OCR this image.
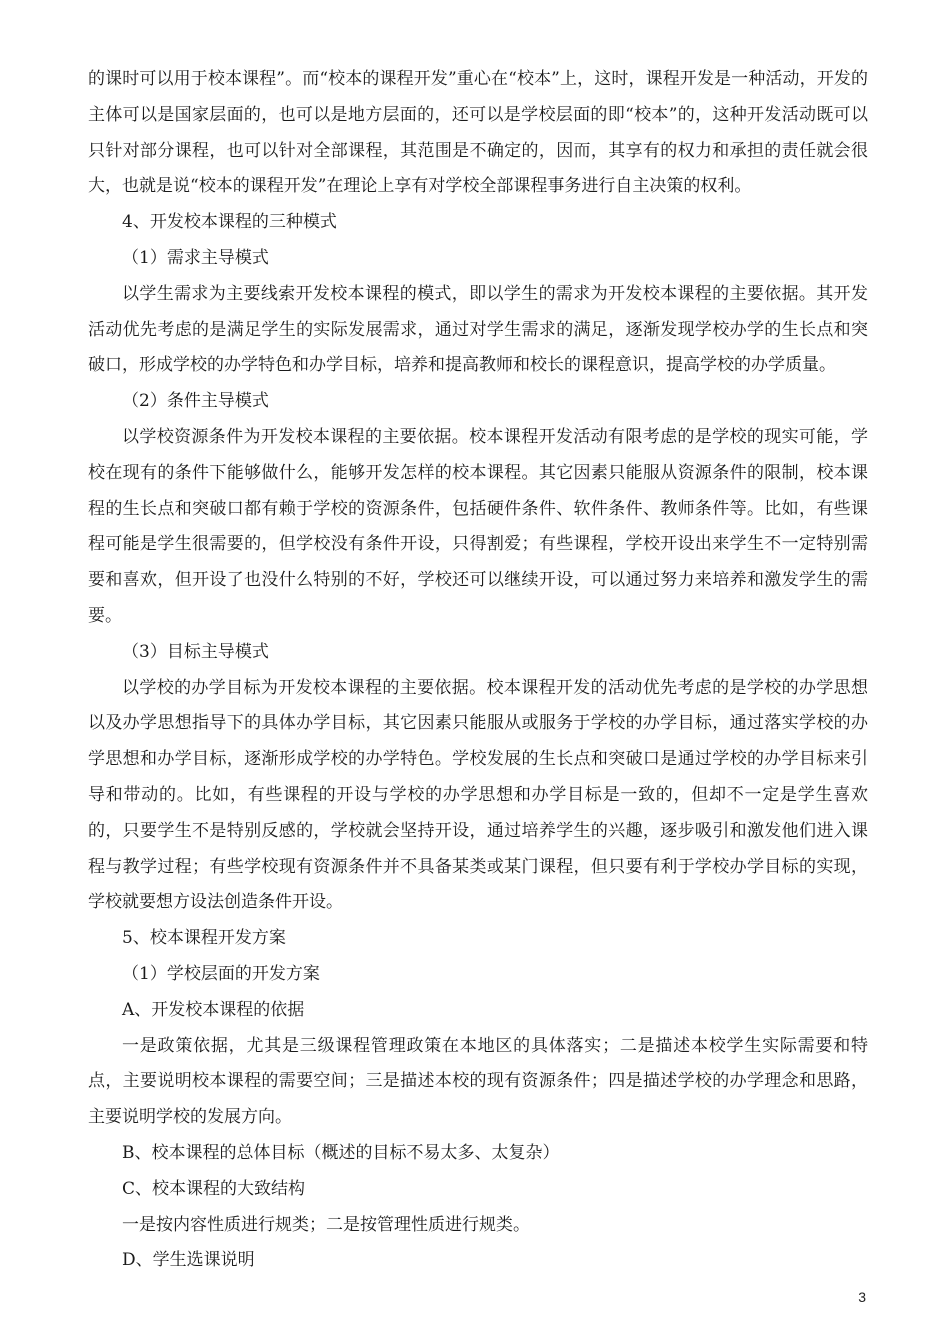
的课时可以用于校本课程”。而“校本的课程开发”重心在“校本”上，这时，课程开发是一种活动，开发的主体可以是国家层面的，也可以是地方层面的，还可以是学校层面的即“校本”的，这种开发活动既可以只针对部分课程，也可以针对全部课程，其范围是不确定的，因而，其享有的权力和承担的责任就会很大，也就是说“校本的课程开发”在理论上享有对学校全部课程事务进行自主决策的权利。

4、开发校本课程的三种模式

（1）需求主导模式

以学生需求为主要线索开发校本课程的模式，即以学生的需求为开发校本课程的主要依据。其开发活动优先考虑的是满足学生的实际发展需求，通过对学生需求的满足，逐渐发现学校办学的生长点和突破口，形成学校的办学特色和办学目标，培养和提高教师和校长的课程意识，提高学校的办学质量。

（2）条件主导模式

以学校资源条件为开发校本课程的主要依据。校本课程开发活动有限考虑的是学校的现实可能，学校在现有的条件下能够做什么，能够开发怎样的校本课程。其它因素只能服从资源条件的限制，校本课程的生长点和突破口都有赖于学校的资源条件，包括硬件条件、软件条件、教师条件等。比如，有些课程可能是学生很需要的，但学校没有条件开设，只得割爱；有些课程，学校开设出来学生不一定特别需要和喜欢，但开设了也没什么特别的不好，学校还可以继续开设，可以通过努力来培养和激发学生的需要。

（3）目标主导模式

以学校的办学目标为开发校本课程的主要依据。校本课程开发的活动优先考虑的是学校的办学思想以及办学思想指导下的具体办学目标，其它因素只能服从或服务于学校的办学目标，通过落实学校的办学思想和办学目标，逐渐形成学校的办学特色。学校发展的生长点和突破口是通过学校的办学目标来引导和带动的。比如，有些课程的开设与学校的办学思想和办学目标是一致的，但却不一定是学生喜欢的，只要学生不是特别反感的，学校就会坚持开设，通过培养学生的兴趣，逐步吸引和激发他们进入课程与教学过程；有些学校现有资源条件并不具备某类或某门课程，但只要有利于学校办学目标的实现，学校就要想方设法创造条件开设。

5、校本课程开发方案

（1）学校层面的开发方案

A、开发校本课程的依据

一是政策依据，尤其是三级课程管理政策在本地区的具体落实；二是描述本校学生实际需要和特点，主要说明校本课程的需要空间；三是描述本校的现有资源条件；四是描述学校的办学理念和思路，主要说明学校的发展方向。

B、校本课程的总体目标（概述的目标不易太多、太复杂）

C、校本课程的大致结构

一是按内容性质进行规类；二是按管理性质进行规类。

D、学生选课说明

3
